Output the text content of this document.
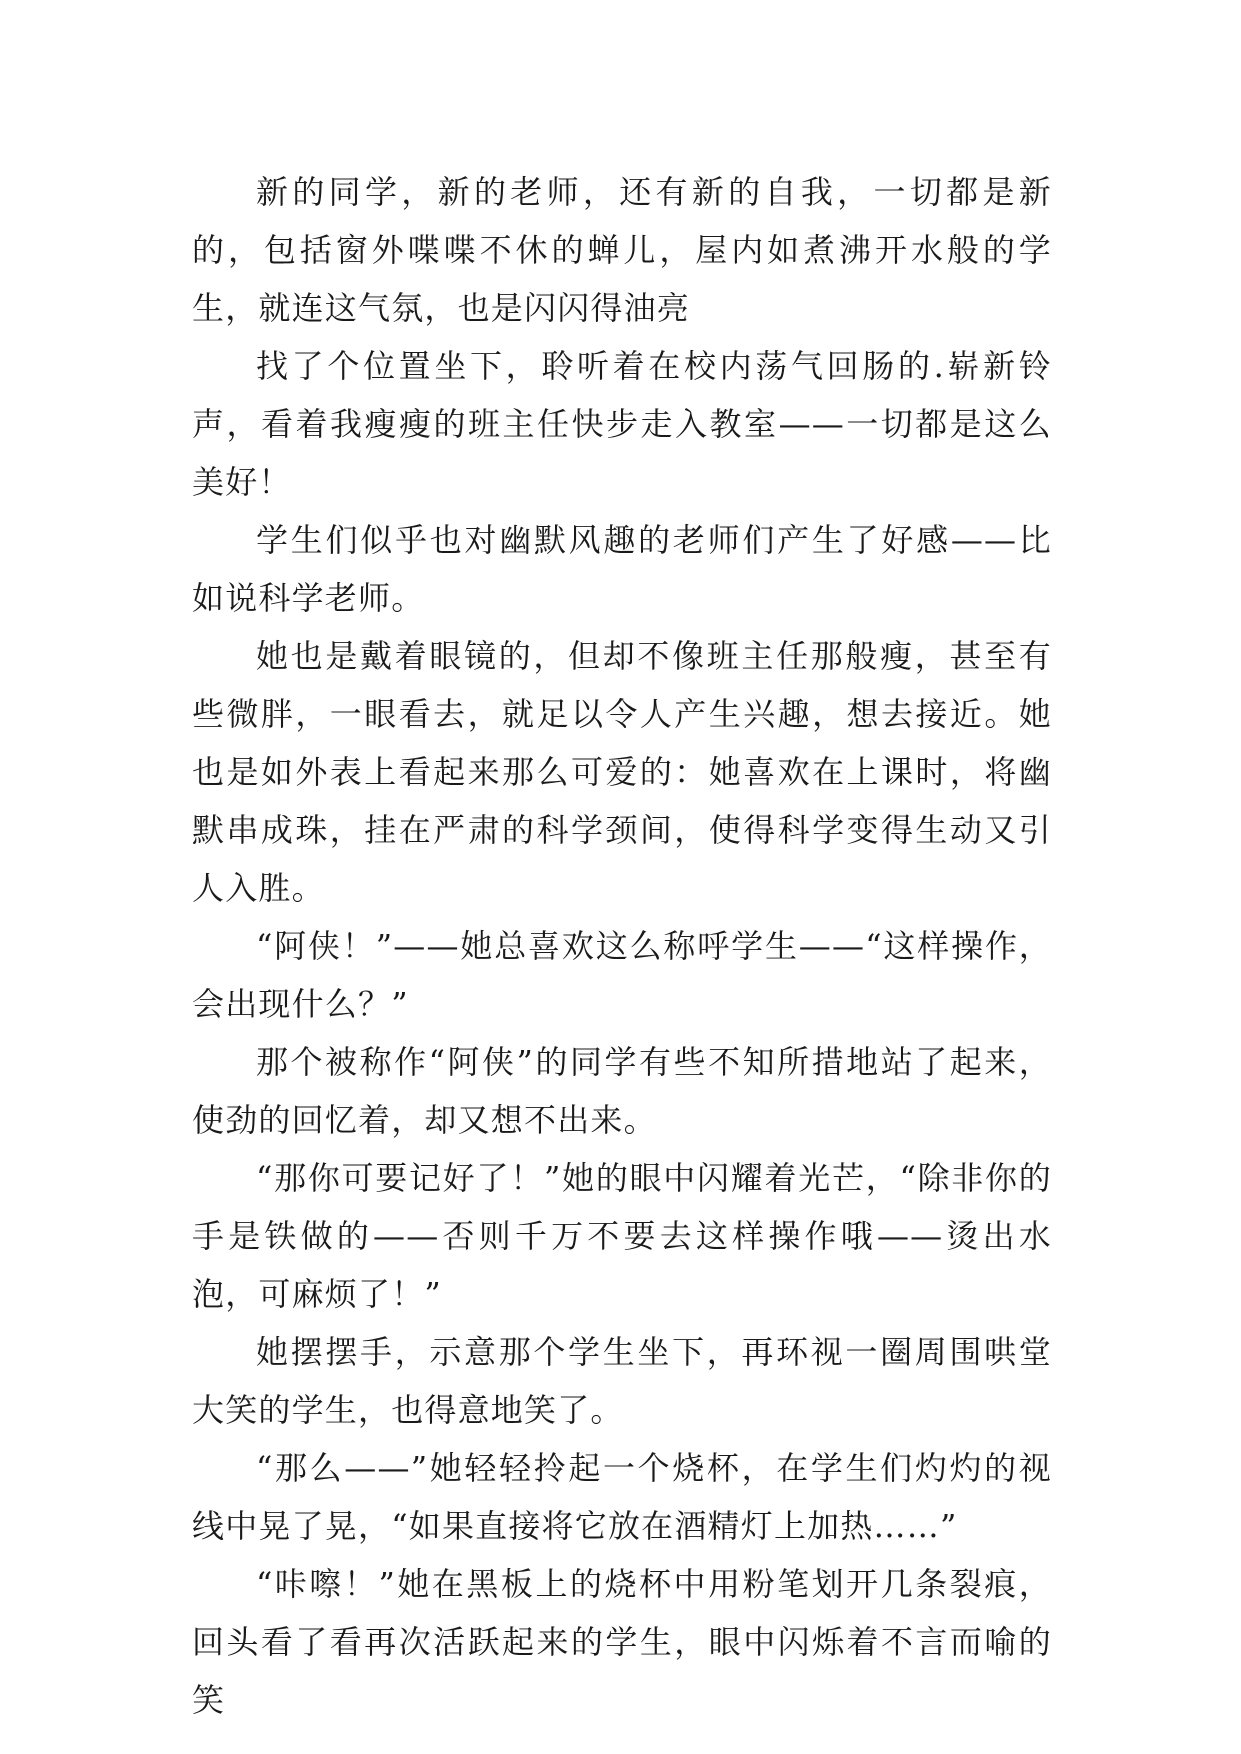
新的同学，新的老师，还有新的自我，一切都是新的，包括窗外喋喋不休的蝉儿，屋内如煮沸开水般的学生，就连这气氛，也是闪闪得油亮

找了个位置坐下，聆听着在校内荡气回肠的.崭新铃声，看着我瘦瘦的班主任快步走入教室——一切都是这么美好！

学生们似乎也对幽默风趣的老师们产生了好感——比如说科学老师。

她也是戴着眼镜的，但却不像班主任那般瘦，甚至有些微胖，一眼看去，就足以令人产生兴趣，想去接近。她也是如外表上看起来那么可爱的：她喜欢在上课时，将幽默串成珠，挂在严肃的科学颈间，使得科学变得生动又引人入胜。

“阿侠！”——她总喜欢这么称呼学生——“这样操作，会出现什么？”

那个被称作“阿侠”的同学有些不知所措地站了起来，使劲的回忆着，却又想不出来。

“那你可要记好了！”她的眼中闪耀着光芒，“除非你的手是铁做的——否则千万不要去这样操作哦——烫出水泡，可麻烦了！”

她摆摆手，示意那个学生坐下，再环视一圈周围哄堂大笑的学生，也得意地笑了。

“那么——”她轻轻拎起一个烧杯，在学生们灼灼的视线中晃了晃，“如果直接将它放在酒精灯上加热……”

“咔嚓！”她在黑板上的烧杯中用粉笔划开几条裂痕，回头看了看再次活跃起来的学生，眼中闪烁着不言而喻的笑
